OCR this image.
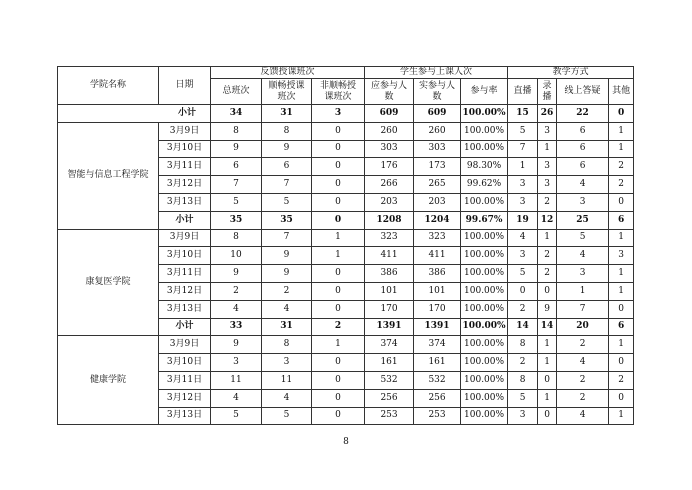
学院名称	日期	反馈授课班次			学生参与上课人次			教学方式			
		总班次	顺畅授课班次	非顺畅授课班次	应参与人数	实参与人数	参与率	直播	录播	线上答疑	其他
小计		34	31	3	609	609	100.00%	15	26	22	0
智能与信息工程学院	3月9日	8	8	0	260	260	100.00%	5	3	6	1
	3月10日	9	9	0	303	303	100.00%	7	1	6	1
	3月11日	6	6	0	176	173	98.30%	1	3	6	2
	3月12日	7	7	0	266	265	99.62%	3	3	4	2
	3月13日	5	5	0	203	203	100.00%	3	2	3	0
	小计	35	35	0	1208	1204	99.67%	19	12	25	6
康复医学院	3月9日	8	7	1	323	323	100.00%	4	1	5	1
	3月10日	10	9	1	411	411	100.00%	3	2	4	3
	3月11日	9	9	0	386	386	100.00%	5	2	3	1
	3月12日	2	2	0	101	101	100.00%	0	0	1	1
	3月13日	4	4	0	170	170	100.00%	2	9	7	0
	小计	33	31	2	1391	1391	100.00%	14	14	20	6
健康学院	3月9日	9	8	1	374	374	100.00%	8	1	2	1
	3月10日	3	3	0	161	161	100.00%	2	1	4	0
	3月11日	11	11	0	532	532	100.00%	8	0	2	2
	3月12日	4	4	0	256	256	100.00%	5	1	2	0
	3月13日	5	5	0	253	253	100.00%	3	0	4	1
8
